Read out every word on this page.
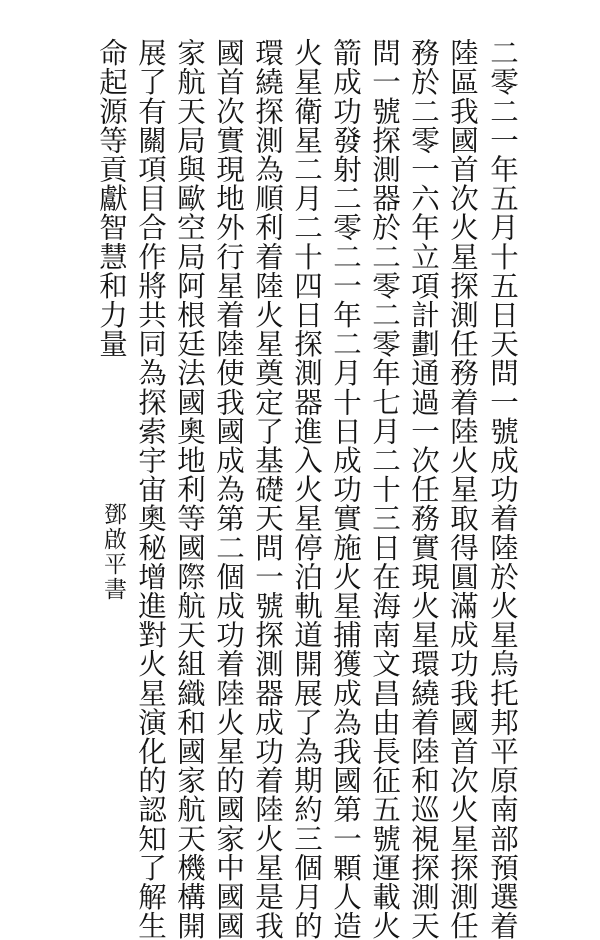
二零二一年五月十五日天問一號成功着陸於火星烏托邦平原南部預選着
陸區我國首次火星探測任務着陸火星取得圓滿成功我國首次火星探測任
務於二零一六年立項計劃通過一次任務實現火星環繞着陸和巡視探測天
問一號探測器於二零二零年七月二十三日在海南文昌由長征五號運載火
箭成功發射二零二一年二月十日成功實施火星捕獲成為我國第一顆人造
火星衛星二月二十四日探測器進入火星停泊軌道開展了為期約三個月的
環繞探測為順利着陸火星奠定了基礎天問一號探測器成功着陸火星是我
國首次實現地外行星着陸使我國成為第二個成功着陸火星的國家中國國
家航天局與歐空局阿根廷法國奧地利等國際航天組織和國家航天機構開
展了有關項目合作將共同為探索宇宙奧秘增進對火星演化的認知了解生
命起源等貢獻智慧和力量
鄧啟平書
